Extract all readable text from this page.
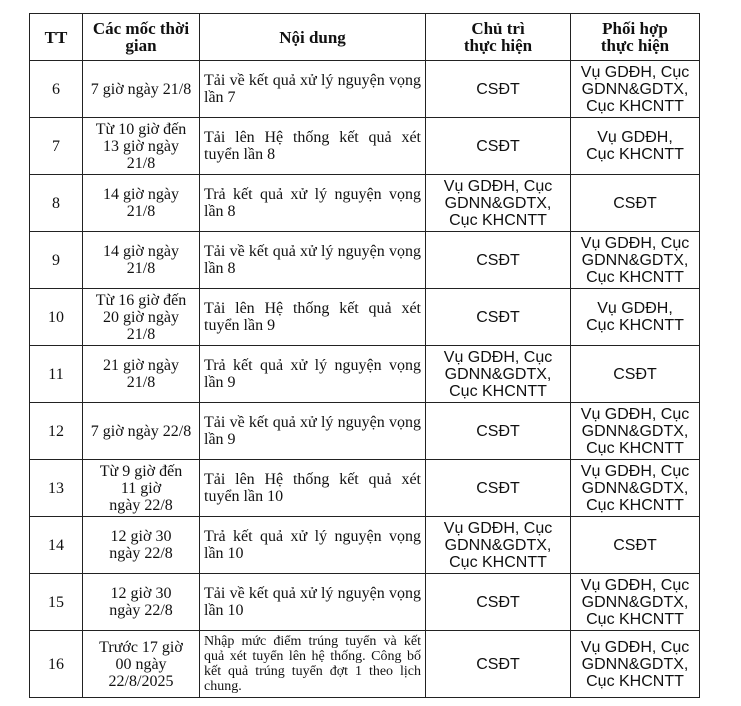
TT	Các mốc thời gian	Nội dung	Chủ trì
thực hiện	Phối hợp
thực hiện

6	7 giờ ngày 21/8	Tải về kết quả xử lý nguyện vọng lần 7	CSĐT	Vụ GDĐH, Cục
GDNN&GDTX,
Cục KHCNTT

7	Từ 10 giờ đến
13 giờ ngày
21/8	Tải lên Hệ thống kết quả xét tuyển lần 8	CSĐT	Vụ GDĐH,
Cục KHCNTT

8	14 giờ ngày
21/8	Trả kết quả xử lý nguyện vọng lần 8	Vụ GDĐH, Cục
GDNN&GDTX,
Cục KHCNTT	CSĐT

9	14 giờ ngày
21/8	Tải về kết quả xử lý nguyện vọng lần 8	CSĐT	Vụ GDĐH, Cục
GDNN&GDTX,
Cục KHCNTT

10	Từ 16 giờ đến
20 giờ ngày
21/8	Tải lên Hệ thống kết quả xét tuyển lần 9	CSĐT	Vụ GDĐH,
Cục KHCNTT

11	21 giờ ngày
21/8	Trả kết quả xử lý nguyện vọng lần 9	Vụ GDĐH, Cục
GDNN&GDTX,
Cục KHCNTT	CSĐT

12	7 giờ ngày 22/8	Tải về kết quả xử lý nguyện vọng lần 9	CSĐT	Vụ GDĐH, Cục
GDNN&GDTX,
Cục KHCNTT

13	Từ 9 giờ đến
11 giờ
ngày 22/8	Tải lên Hệ thống kết quả xét tuyển lần 10	CSĐT	Vụ GDĐH, Cục
GDNN&GDTX,
Cục KHCNTT

14	12 giờ 30
ngày 22/8	Trả kết quả xử lý nguyện vọng lần 10	Vụ GDĐH, Cục
GDNN&GDTX,
Cục KHCNTT	CSĐT

15	12 giờ 30
ngày 22/8	Tải về kết quả xử lý nguyện vọng lần 10	CSĐT	Vụ GDĐH, Cục
GDNN&GDTX,
Cục KHCNTT

16	Trước 17 giờ
00 ngày
22/8/2025	Nhập mức điểm trúng tuyển và kết quả xét tuyển lên hệ thống. Công bố kết quả trúng tuyển đợt 1 theo lịch chung.	CSĐT	Vụ GDĐH, Cục
GDNN&GDTX,
Cục KHCNTT
